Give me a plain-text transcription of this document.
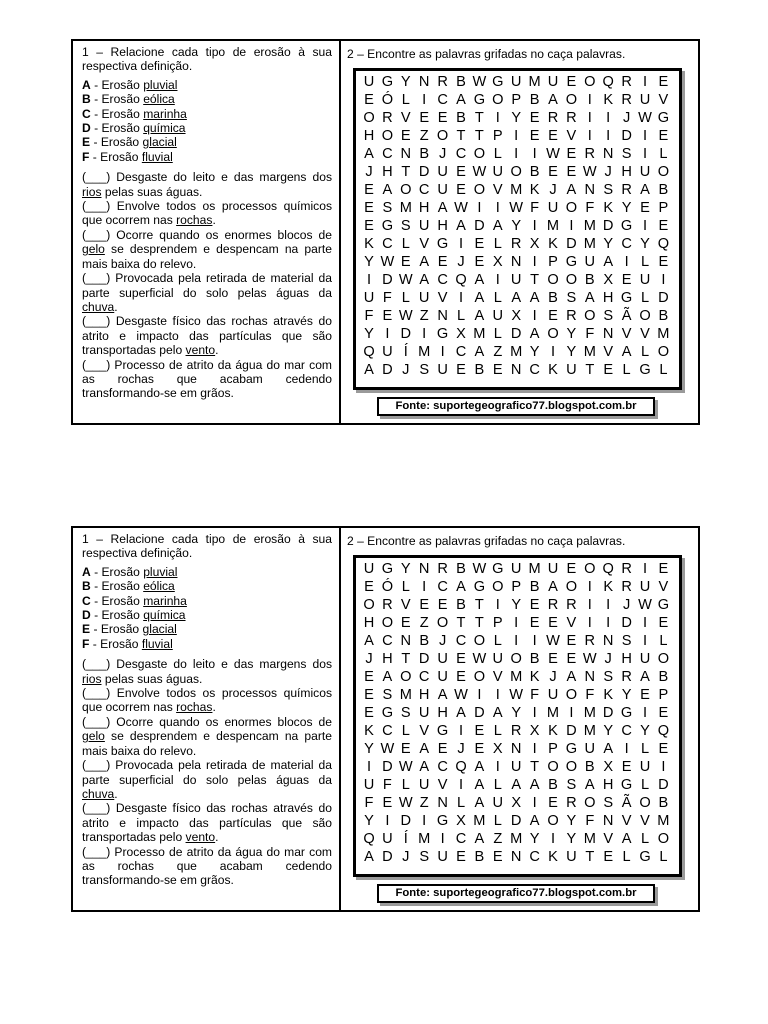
1 – Relacione cada tipo de erosão à sua respectiva definição.

A - Erosão pluvial
B - Erosão eólica
C - Erosão marinha
D - Erosão química
E - Erosão glacial
F - Erosão fluvial

(___) Desgaste do leito e das margens dos rios pelas suas águas.

(___) Envolve todos os processos químicos que ocorrem nas rochas.

(___) Ocorre quando os enormes blocos de gelo se desprendem e despencam na parte mais baixa do relevo.

(___) Provocada pela retirada de material da parte superficial do solo pelas águas da chuva.

(___) Desgaste físico das rochas através do atrito e impacto das partículas que são transportadas pelo vento.

(___) Processo de atrito da água do mar com as rochas que acabam cedendo transformando-se em grãos.

2 – Encontre as palavras grifadas no caça palavras.
U G Y N R B W G U M U E O Q R I E
E Ó L I C A G O P B A O I K R U V
O R V E E B T I Y E R R I I J W G
H O E Z O T T P I E E V I I D I E
A C N B J C O L I I W E R N S I L
J H T D U E W U O B E E W J H U O
E A O C U E O V M K J A N S R A B
E S M H A W I I W F U O F K Y E P
E G S U H A D A Y I M I M D G I E
K C L V G I E L R X K D M Y C Y Q
Y W E A E J E X N I P G U A I L E
I D W A C Q A I U T O O B X E U I
U F L U V I A L A A B S A H G L D
F E W Z N L A U X I E R O S Ã O B
Y I D I G X M L D A O Y F N V V M
Q U Í M I C A Z M Y I Y M V A L O
A D J S U E B E N C K U T E L G L
Fonte: suportegeografico77.blogspot.com.br

1 – Relacione cada tipo de erosão à sua respectiva definição.

A - Erosão pluvial
B - Erosão eólica
C - Erosão marinha
D - Erosão química
E - Erosão glacial
F - Erosão fluvial

(___) Desgaste do leito e das margens dos rios pelas suas águas.

(___) Envolve todos os processos químicos que ocorrem nas rochas.

(___) Ocorre quando os enormes blocos de gelo se desprendem e despencam na parte mais baixa do relevo.

(___) Provocada pela retirada de material da parte superficial do solo pelas águas da chuva.

(___) Desgaste físico das rochas através do atrito e impacto das partículas que são transportadas pelo vento.

(___) Processo de atrito da água do mar com as rochas que acabam cedendo transformando-se em grãos.

2 – Encontre as palavras grifadas no caça palavras.
U G Y N R B W G U M U E O Q R I E
E Ó L I C A G O P B A O I K R U V
O R V E E B T I Y E R R I I J W G
H O E Z O T T P I E E V I I D I E
A C N B J C O L I I W E R N S I L
J H T D U E W U O B E E W J H U O
E A O C U E O V M K J A N S R A B
E S M H A W I I W F U O F K Y E P
E G S U H A D A Y I M I M D G I E
K C L V G I E L R X K D M Y C Y Q
Y W E A E J E X N I P G U A I L E
I D W A C Q A I U T O O B X E U I
U F L U V I A L A A B S A H G L D
F E W Z N L A U X I E R O S Ã O B
Y I D I G X M L D A O Y F N V V M
Q U Í M I C A Z M Y I Y M V A L O
A D J S U E B E N C K U T E L G L
Fonte: suportegeografico77.blogspot.com.br
